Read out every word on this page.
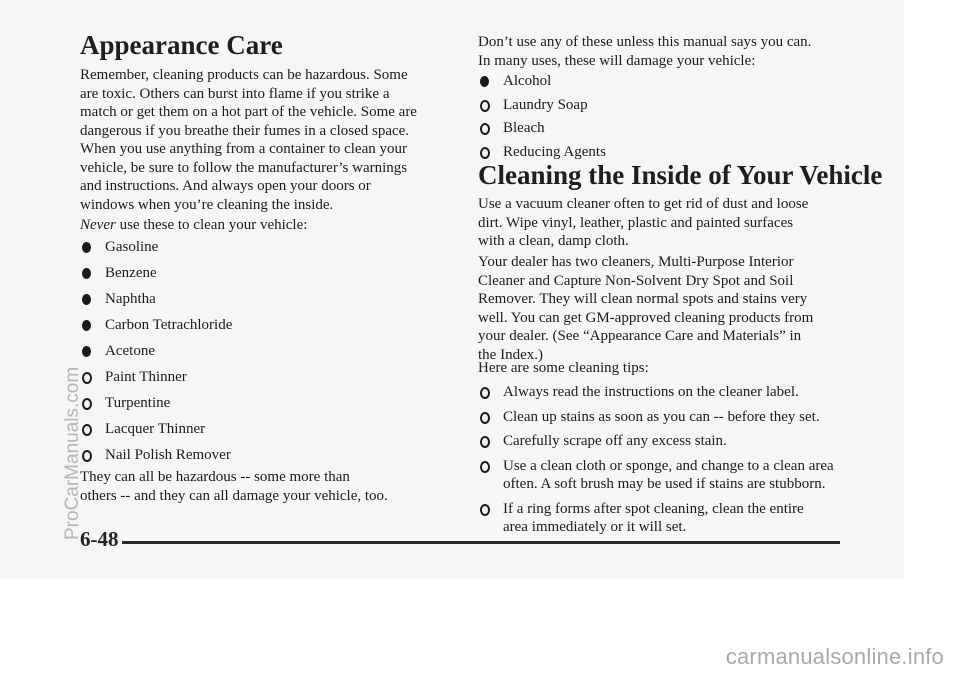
Appearance Care

Remember, cleaning products can be hazardous. Some
are toxic. Others can burst into flame if you strike a
match or get them on a hot part of the vehicle. Some are
dangerous if you breathe their fumes in a closed space.
When you use anything from a container to clean your
vehicle, be sure to follow the manufacturer’s warnings
and instructions. And always open your doors or
windows when you’re cleaning the inside.

Never use these to clean your vehicle:

Gasoline
Benzene
Naphtha
Carbon Tetrachloride
Acetone
Paint Thinner
Turpentine
Lacquer Thinner
Nail Polish Remover

They can all be hazardous -- some more than
others -- and they can all damage your vehicle, too.

Don’t use any of these unless this manual says you can.
In many uses, these will damage your vehicle:

Alcohol
Laundry Soap
Bleach
Reducing Agents
Cleaning the Inside of Your Vehicle

Use a vacuum cleaner often to get rid of dust and loose
dirt. Wipe vinyl, leather, plastic and painted surfaces
with a clean, damp cloth.

Your dealer has two cleaners, Multi-Purpose Interior
Cleaner and Capture Non-Solvent Dry Spot and Soil
Remover. They will clean normal spots and stains very
well. You can get GM-approved cleaning products from
your dealer. (See “Appearance Care and Materials” in
the Index.)

Here are some cleaning tips:

Always read the instructions on the cleaner label.
Clean up stains as soon as you can -- before they set.
Carefully scrape off any excess stain.
Use a clean cloth or sponge, and change to a clean area
often. A soft brush may be used if stains are stubborn.
If a ring forms after spot cleaning, clean the entire
area immediately or it will set.
6-48
ProCarManuals.com
carmanualsonline.info
